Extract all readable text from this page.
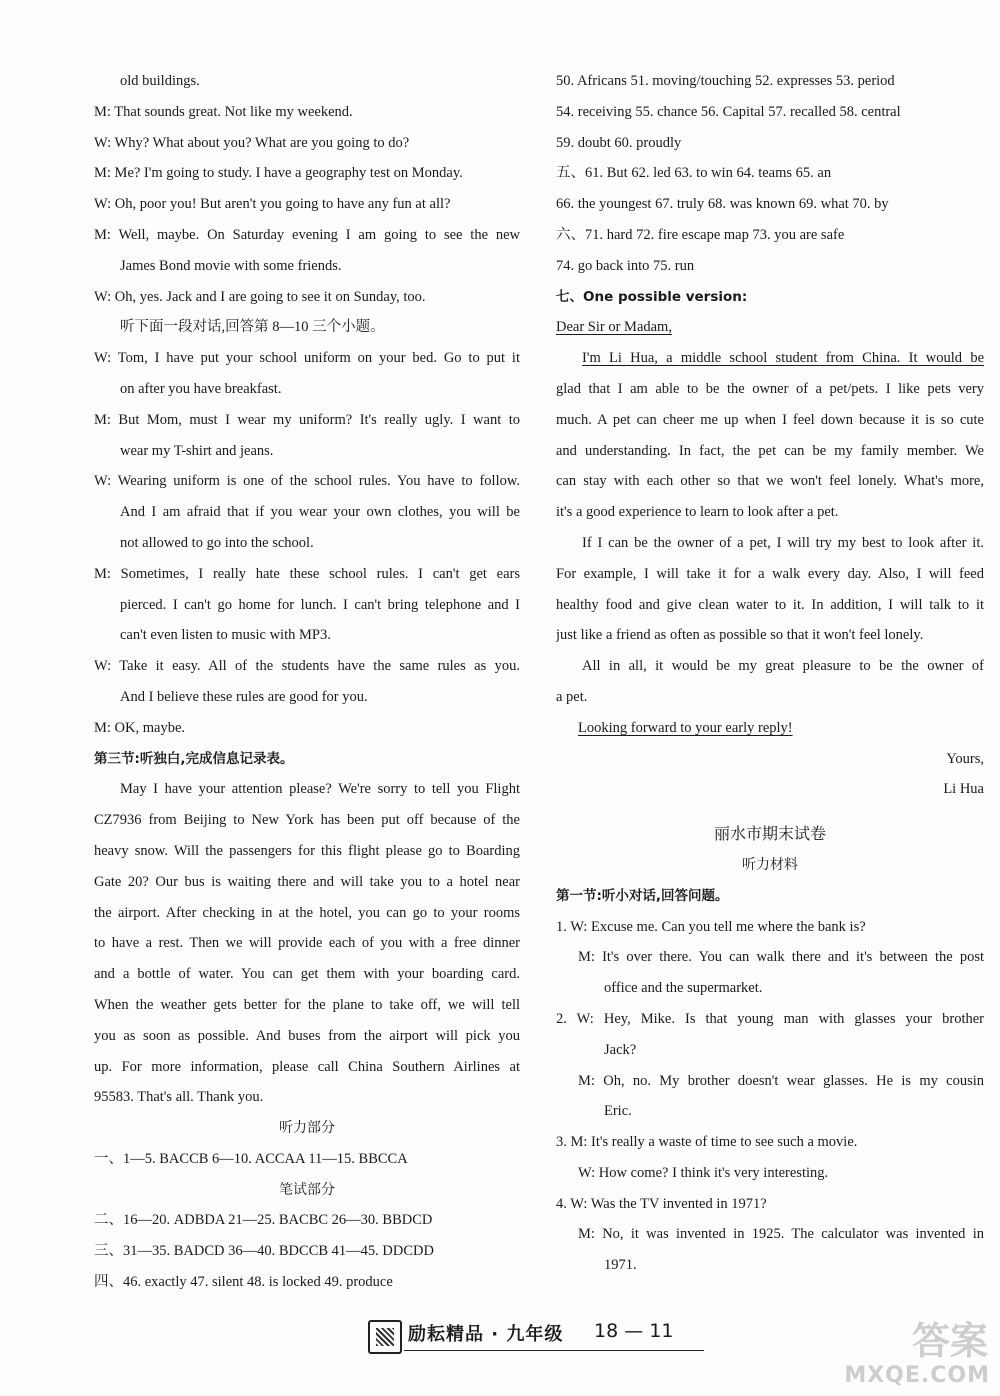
old buildings.
M: That sounds great. Not like my weekend.
W: Why? What about you? What are you going to do?
M: Me? I'm going to study. I have a geography test on Monday.
W: Oh, poor you! But aren't you going to have any fun at all?
M: Well, maybe. On Saturday evening I am going to see the new
James Bond movie with some friends.
W: Oh, yes. Jack and I are going to see it on Sunday, too.
听下面一段对话,回答第 8—10 三个小题。
W: Tom, I have put your school uniform on your bed. Go to put it
on after you have breakfast.
M: But Mom, must I wear my uniform? It's really ugly. I want to
wear my T-shirt and jeans.
W: Wearing uniform is one of the school rules. You have to follow.
And I am afraid that if you wear your own clothes, you will be
not allowed to go into the school.
M: Sometimes, I really hate these school rules. I can't get ears
pierced. I can't go home for lunch. I can't bring telephone and I
can't even listen to music with MP3.
W: Take it easy. All of the students have the same rules as you.
And I believe these rules are good for you.
M: OK, maybe.
第三节:听独白,完成信息记录表。
May I have your attention please? We're sorry to tell you Flight
CZ7936 from Beijing to New York has been put off because of the
heavy snow. Will the passengers for this flight please go to Boarding
Gate 20? Our bus is waiting there and will take you to a hotel near
the airport. After checking in at the hotel, you can go to your rooms
to have a rest. Then we will provide each of you with a free dinner
and a bottle of water. You can get them with your boarding card.
When the weather gets better for the plane to take off, we will tell
you as soon as possible. And buses from the airport will pick you
up. For more information, please call China Southern Airlines at
95583. That's all. Thank you.
听力部分
一、1—5. BACCB 6—10. ACCAA 11—15. BBCCA
笔试部分
二、16—20. ADBDA 21—25. BACBC 26—30. BBDCD
三、31—35. BADCD 36—40. BDCCB 41—45. DDCDD
四、46. exactly 47. silent 48. is locked 49. produce
50. Africans 51. moving/touching 52. expresses 53. period
54. receiving 55. chance 56. Capital 57. recalled 58. central
59. doubt 60. proudly
五、61. But 62. led 63. to win 64. teams 65. an
66. the youngest 67. truly 68. was known 69. what 70. by
六、71. hard 72. fire escape map 73. you are safe
74. go back into 75. run
七、One possible version:
Dear Sir or Madam,
I'm Li Hua, a middle school student from China. It would be
glad that I am able to be the owner of a pet/pets. I like pets very
much. A pet can cheer me up when I feel down because it is so cute
and understanding. In fact, the pet can be my family member. We
can stay with each other so that we won't feel lonely. What's more,
it's a good experience to learn to look after a pet.
If I can be the owner of a pet, I will try my best to look after it.
For example, I will take it for a walk every day. Also, I will feed
healthy food and give clean water to it. In addition, I will talk to it
just like a friend as often as possible so that it won't feel lonely.
All in all, it would be my great pleasure to be the owner of
a pet.
Looking forward to your early reply!
Yours,
Li Hua
丽水市期末试卷
听力材料
第一节:听小对话,回答问题。
1. W: Excuse me. Can you tell me where the bank is?
M: It's over there. You can walk there and it's between the post
office and the supermarket.
2. W: Hey, Mike. Is that young man with glasses your brother
Jack?
M: Oh, no. My brother doesn't wear glasses. He is my cousin
Eric.
3. M: It's really a waste of time to see such a movie.
W: How come? I think it's very interesting.
4. W: Was the TV invented in 1971?
M: No, it was invented in 1925. The calculator was invented in
1971.
励耘精品 · 九年级 18 — 11	答案
MXQE.COM
